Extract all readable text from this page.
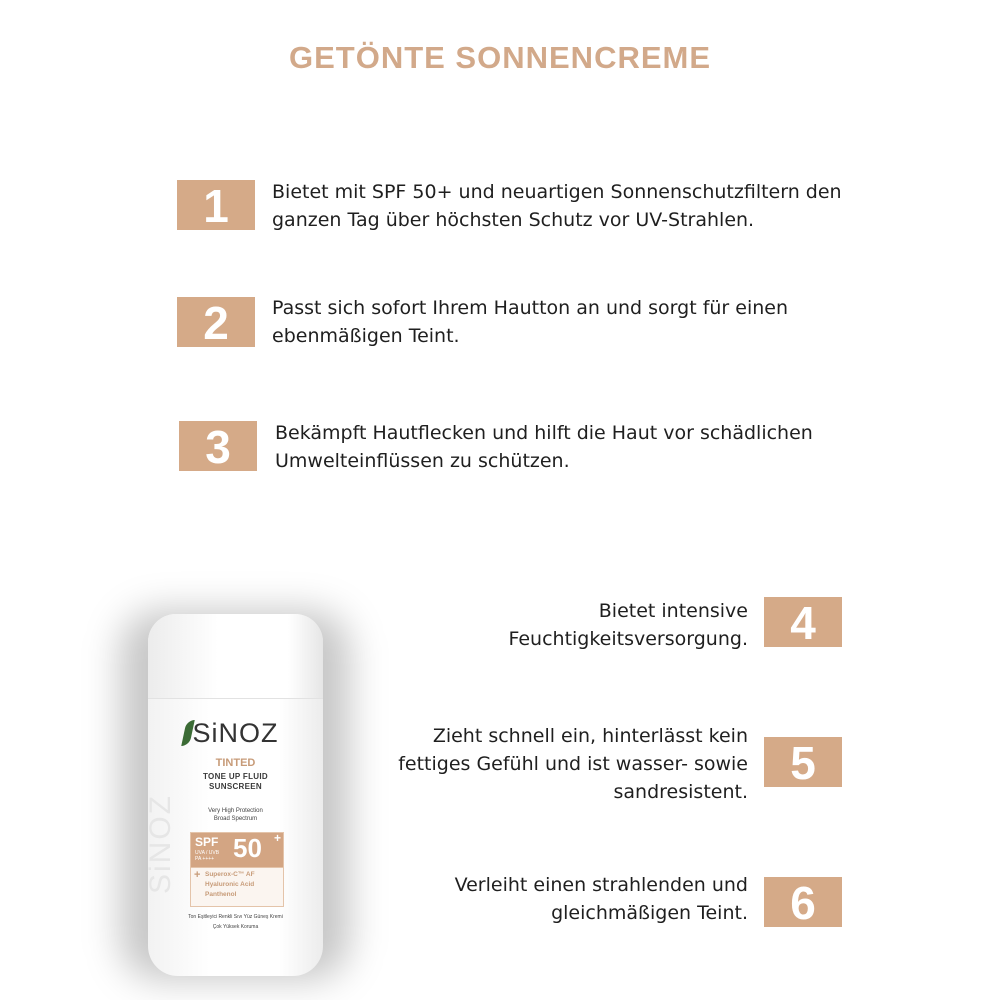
GETÖNTE SONNENCREME
1	Bietet mit SPF 50+ und neuartigen Sonnenschutzfiltern den
ganzen Tag über höchsten Schutz vor UV-Strahlen.
2	Passt sich sofort Ihrem Hautton an und sorgt für einen
ebenmäßigen Teint.
3	Bekämpft Hautflecken und hilft die Haut vor schädlichen
Umwelteinflüssen zu schützen.
Bietet intensive
Feuchtigkeitsversorgung. 4
Zieht schnell ein, hinterlässt kein
fettiges Gefühl und ist wasser- sowie
sandresistent.
5
Verleiht einen strahlenden und
gleichmäßigen Teint. 6
SiNOZ
SiNOZ
TINTED
TONE UP FLUID
SUNSCREEN
Very High Protection
Broad Spectrum
SPF
UVA / UVB
PA ++++ 50 +
+ Superox-C™ AF
Hyaluronic Acid
Panthenol
Ton Eşitleyici Renkli Sıvı Yüz Güneş Kremi
Çok Yüksek Koruma
